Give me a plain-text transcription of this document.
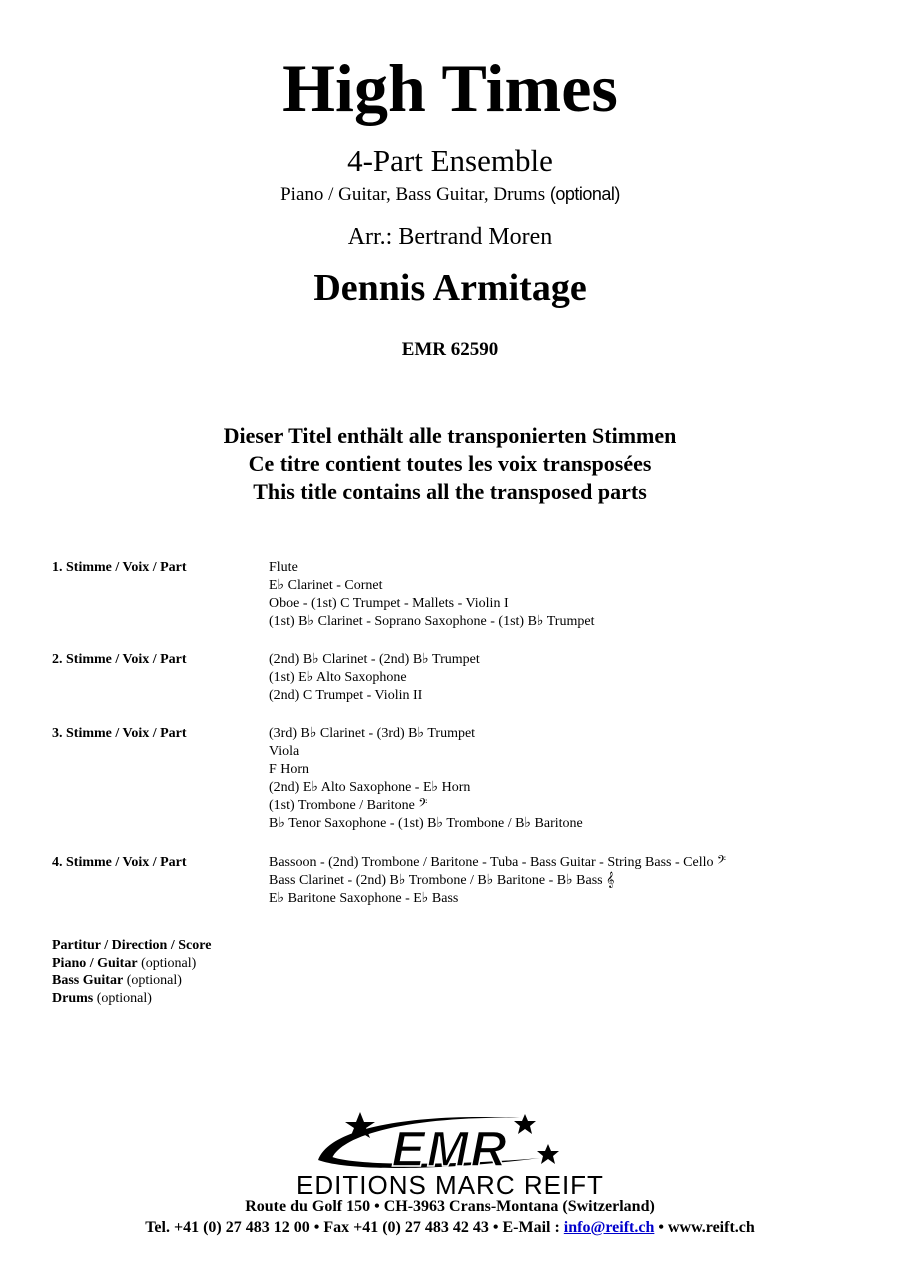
High Times
4-Part Ensemble
Piano / Guitar, Bass Guitar, Drums (optional)
Arr.: Bertrand Moren
Dennis Armitage
EMR 62590
Dieser Titel enthält alle transponierten Stimmen
Ce titre contient toutes les voix transposées
This title contains all the transposed parts
1. Stimme / Voix / Part	Flute
E♭ Clarinet - Cornet
Oboe - (1st) C Trumpet - Mallets - Violin I
(1st) B♭ Clarinet - Soprano Saxophone - (1st) B♭ Trumpet
2. Stimme / Voix / Part	(2nd) B♭ Clarinet - (2nd) B♭ Trumpet
(1st) E♭ Alto Saxophone
(2nd) C Trumpet - Violin II
3. Stimme / Voix / Part	(3rd) B♭ Clarinet - (3rd) B♭ Trumpet
Viola
F Horn
(2nd) E♭ Alto Saxophone - E♭ Horn
(1st) Trombone / Baritone 𝄢
B♭ Tenor Saxophone - (1st) B♭ Trombone / B♭ Baritone
4. Stimme / Voix / Part	Bassoon - (2nd) Trombone / Baritone - Tuba - Bass Guitar - String Bass - Cello 𝄢
Bass Clarinet - (2nd) B♭ Trombone / B♭ Baritone - B♭ Bass 𝄞
E♭ Baritone Saxophone - E♭ Bass
Partitur / Direction / Score
Piano / Guitar (optional)
Bass Guitar (optional)
Drums (optional)
EMR
EDITIONS MARC REIFT
Route du Golf 150 • CH-3963 Crans-Montana (Switzerland)
Tel. +41 (0) 27 483 12 00 • Fax +41 (0) 27 483 42 43 • E-Mail : info@reift.ch • www.reift.ch
